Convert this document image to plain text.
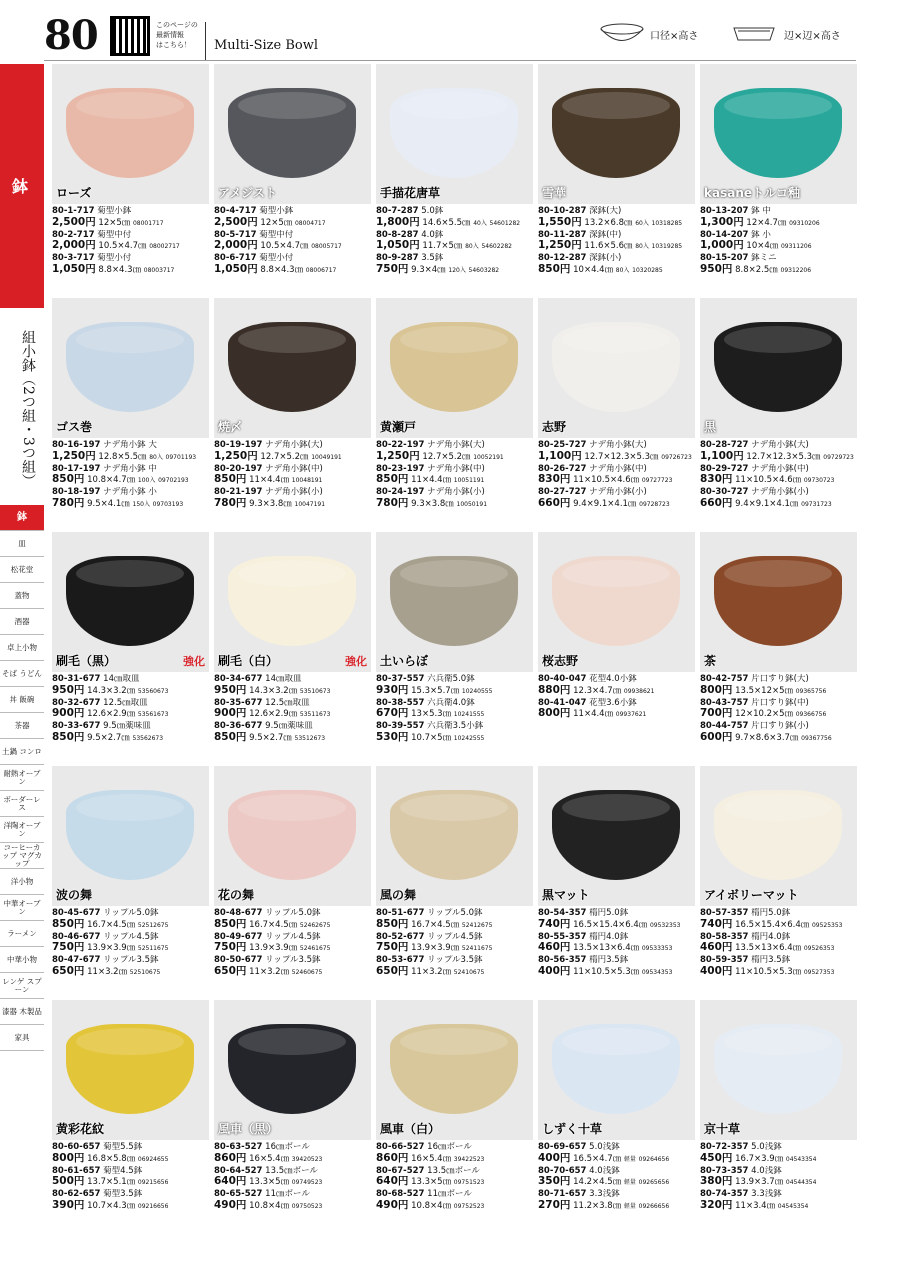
80	このページの
最新情報
はこちら！	Multi-Size Bowl
口径×高さ	辺×辺×高さ
鉢
組小鉢（2つ組・3つ組）
鉢
皿
松花堂
蓋物
酒器
卓上小物
そば うどん
丼 飯碗
茶器
土鍋 コンロ
耐熱オーブン
ボーダーレス
洋陶オーブン
コーヒーカップ マグカップ
洋小物
中華オーブン
ラーメン
中華小物
レンゲ スプーン
漆器 木製品
家具
ローズ
80-1-717 菊型小鉢
2,500円 12×5㎝ 08001717
80-2-717 菊型中付
2,000円 10.5×4.7㎝ 08002717
80-3-717 菊型小付
1,050円 8.8×4.3㎝ 08003717
アメジスト
80-4-717 菊型小鉢
2,500円 12×5㎝ 08004717
80-5-717 菊型中付
2,000円 10.5×4.7㎝ 08005717
80-6-717 菊型小付
1,050円 8.8×4.3㎝ 08006717
手描花唐草
80-7-287 5.0鉢
1,800円 14.6×5.5㎝ 40入 54601282
80-8-287 4.0鉢
1,050円 11.7×5㎝ 80入 54602282
80-9-287 3.5鉢
750円 9.3×4㎝ 120入 54603282
雪華
80-10-287 深鉢(大)
1,550円 13.2×6.8㎝ 60入 10318285
80-11-287 深鉢(中)
1,250円 11.6×5.6㎝ 80入 10319285
80-12-287 深鉢(小)
850円 10×4.4㎝ 80入 10320285
kasaneトルコ釉
80-13-207 鉢 中
1,300円 12×4.7㎝ 09310206
80-14-207 鉢 小
1,000円 10×4㎝ 09311206
80-15-207 鉢ミニ
950円 8.8×2.5㎝ 09312206
ゴス巻
80-16-197 ナデ角小鉢 大
1,250円 12.8×5.5㎝ 80入 09701193
80-17-197 ナデ角小鉢 中
850円 10.8×4.7㎝ 100入 09702193
80-18-197 ナデ角小鉢 小
780円 9.5×4.1㎝ 150入 09703193
焼〆
80-19-197 ナデ角小鉢(大)
1,250円 12.7×5.2㎝ 10049191
80-20-197 ナデ角小鉢(中)
850円 11×4.4㎝ 10048191
80-21-197 ナデ角小鉢(小)
780円 9.3×3.8㎝ 10047191
黄瀬戸
80-22-197 ナデ角小鉢(大)
1,250円 12.7×5.2㎝ 10052191
80-23-197 ナデ角小鉢(中)
850円 11×4.4㎝ 10051191
80-24-197 ナデ角小鉢(小)
780円 9.3×3.8㎝ 10050191
志野
80-25-727 ナデ角小鉢(大)
1,100円 12.7×12.3×5.3㎝ 09726723
80-26-727 ナデ角小鉢(中)
830円 11×10.5×4.6㎝ 09727723
80-27-727 ナデ角小鉢(小)
660円 9.4×9.1×4.1㎝ 09728723
黒
80-28-727 ナデ角小鉢(大)
1,100円 12.7×12.3×5.3㎝ 09729723
80-29-727 ナデ角小鉢(中)
830円 11×10.5×4.6㎝ 09730723
80-30-727 ナデ角小鉢(小)
660円 9.4×9.1×4.1㎝ 09731723
刷毛（黒）	強化
80-31-677 14㎝取皿
950円 14.3×3.2㎝ 53560673
80-32-677 12.5㎝取皿
900円 12.6×2.9㎝ 53561673
80-33-677 9.5㎝薬味皿
850円 9.5×2.7㎝ 53562673
刷毛（白）	強化
80-34-677 14㎝取皿
950円 14.3×3.2㎝ 53510673
80-35-677 12.5㎝取皿
900円 12.6×2.9㎝ 53511673
80-36-677 9.5㎝薬味皿
850円 9.5×2.7㎝ 53512673
土いらぼ
80-37-557 六兵衛5.0鉢
930円 15.3×5.7㎝ 10240555
80-38-557 六兵衛4.0鉢
670円 13×5.3㎝ 10241555
80-39-557 六兵衛3.5小鉢
530円 10.7×5㎝ 10242555
桜志野
80-40-047 花型4.0小鉢
880円 12.3×4.7㎝ 09938621
80-41-047 花型3.6小鉢
800円 11×4.4㎝ 09937621
茶
80-42-757 片口すり鉢(大)
800円 13.5×12×5㎝ 09365756
80-43-757 片口すり鉢(中)
700円 12×10.2×5㎝ 09366756
80-44-757 片口すり鉢(小)
600円 9.7×8.6×3.7㎝ 09367756
波の舞
80-45-677 リップル5.0鉢
850円 16.7×4.5㎝ 52512675
80-46-677 リップル4.5鉢
750円 13.9×3.9㎝ 52511675
80-47-677 リップル3.5鉢
650円 11×3.2㎝ 52510675
花の舞
80-48-677 リップル5.0鉢
850円 16.7×4.5㎝ 52462675
80-49-677 リップル4.5鉢
750円 13.9×3.9㎝ 52461675
80-50-677 リップル3.5鉢
650円 11×3.2㎝ 52460675
風の舞
80-51-677 リップル5.0鉢
850円 16.7×4.5㎝ 52412675
80-52-677 リップル4.5鉢
750円 13.9×3.9㎝ 52411675
80-53-677 リップル3.5鉢
650円 11×3.2㎝ 52410675
黒マット
80-54-357 楕円5.0鉢
740円 16.5×15.4×6.4㎝ 09532353
80-55-357 楕円4.0鉢
460円 13.5×13×6.4㎝ 09533353
80-56-357 楕円3.5鉢
400円 11×10.5×5.3㎝ 09534353
アイボリーマット
80-57-357 楕円5.0鉢
740円 16.5×15.4×6.4㎝ 09525353
80-58-357 楕円4.0鉢
460円 13.5×13×6.4㎝ 09526353
80-59-357 楕円3.5鉢
400円 11×10.5×5.3㎝ 09527353
黄彩花紋
80-60-657 菊型5.5鉢
800円 16.8×5.8㎝ 06924655
80-61-657 菊型4.5鉢
500円 13.7×5.1㎝ 09215656
80-62-657 菊型3.5鉢
390円 10.7×4.3㎝ 09216656
風車（黒）
80-63-527 16㎝ボール
860円 16×5.4㎝ 39420523
80-64-527 13.5㎝ボール
640円 13.3×5㎝ 09749523
80-65-527 11㎝ボール
490円 10.8×4㎝ 09750523
風車（白）
80-66-527 16㎝ボール
860円 16×5.4㎝ 39422523
80-67-527 13.5㎝ボール
640円 13.3×5㎝ 09751523
80-68-527 11㎝ボール
490円 10.8×4㎝ 09752523
しずく十草
80-69-657 5.0浅鉢
400円 16.5×4.7㎝ 軽量 09264656
80-70-657 4.0浅鉢
350円 14.2×4.5㎝ 軽量 09265656
80-71-657 3.3浅鉢
270円 11.2×3.8㎝ 軽量 09266656
京十草
80-72-357 5.0浅鉢
450円 16.7×3.9㎝ 04543354
80-73-357 4.0浅鉢
380円 13.9×3.7㎝ 04544354
80-74-357 3.3浅鉢
320円 11×3.4㎝ 04545354
